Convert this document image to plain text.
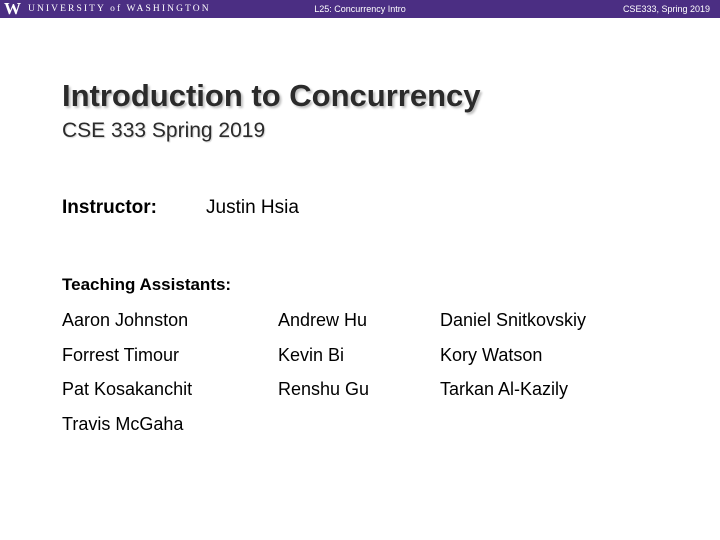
W UNIVERSITY of WASHINGTON	L25: Concurrency Intro	CSE333, Spring 2019
Introduction to Concurrency
CSE 333 Spring 2019
Instructor:	Justin Hsia
Teaching Assistants:
Aaron Johnston	Andrew Hu	Daniel Snitkovskiy
Forrest Timour	Kevin Bi	Kory Watson
Pat Kosakanchit	Renshu Gu	Tarkan Al-Kazily
Travis McGaha
